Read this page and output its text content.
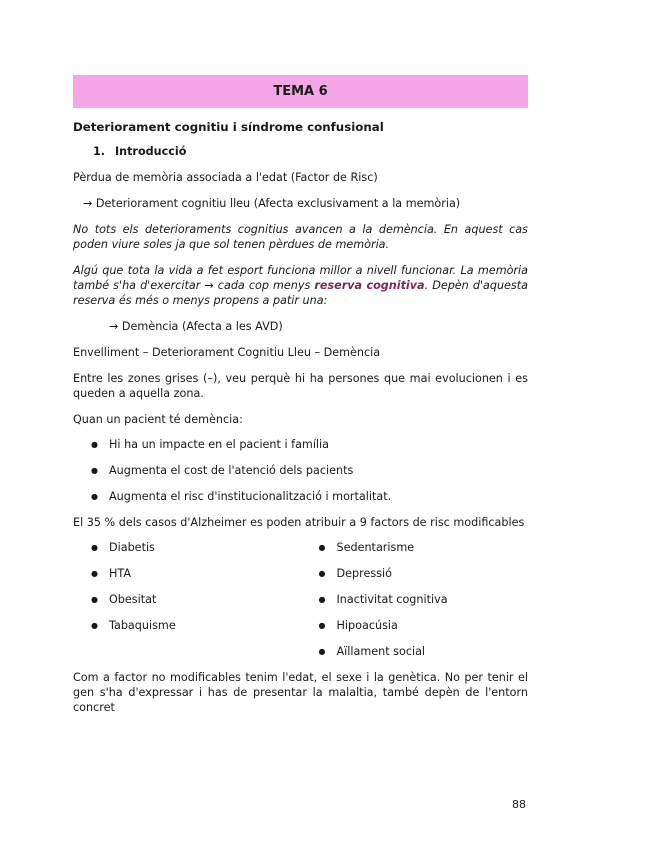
TEMA 6
Deteriorament cognitiu i síndrome confusional
1. Introducció

Pèrdua de memòria associada a l'edat (Factor de Risc)

→ Deteriorament cognitiu lleu (Afecta exclusivament a la memòria)

No tots els deterioraments cognitius avancen a la demència. En aquest cas poden viure soles ja que sol tenen pèrdues de memòria.

Algú que tota la vida a fet esport funciona millor a nivell funcionar. La memòria també s'ha d'exercitar → cada cop menys reserva cognitiva. Depèn d'aquesta reserva és més o menys propens a patir una:

→ Demència (Afecta a les AVD)

Envelliment – Deteriorament Cognitiu Lleu – Demència

Entre les zones grises (–), veu perquè hi ha persones que mai evolucionen i es queden a aquella zona.

Quan un pacient té demència:

● Hi ha un impacte en el pacient i família
● Augmenta el cost de l'atenció dels pacients
● Augmenta el risc d'institucionalització i mortalitat.

El 35 % dels casos d'Alzheimer es poden atribuir a 9 factors de risc modificables

● Diabetis
● HTA
● Obesitat
● Tabaquisme
● Sedentarisme
● Depressió
● Inactivitat cognitiva
● Hipoacúsia
● Aïllament social

Com a factor no modificables tenim l'edat, el sexe i la genètica. No per tenir el gen s'ha d'expressar i has de presentar la malaltia, també depèn de l'entorn concret

88
